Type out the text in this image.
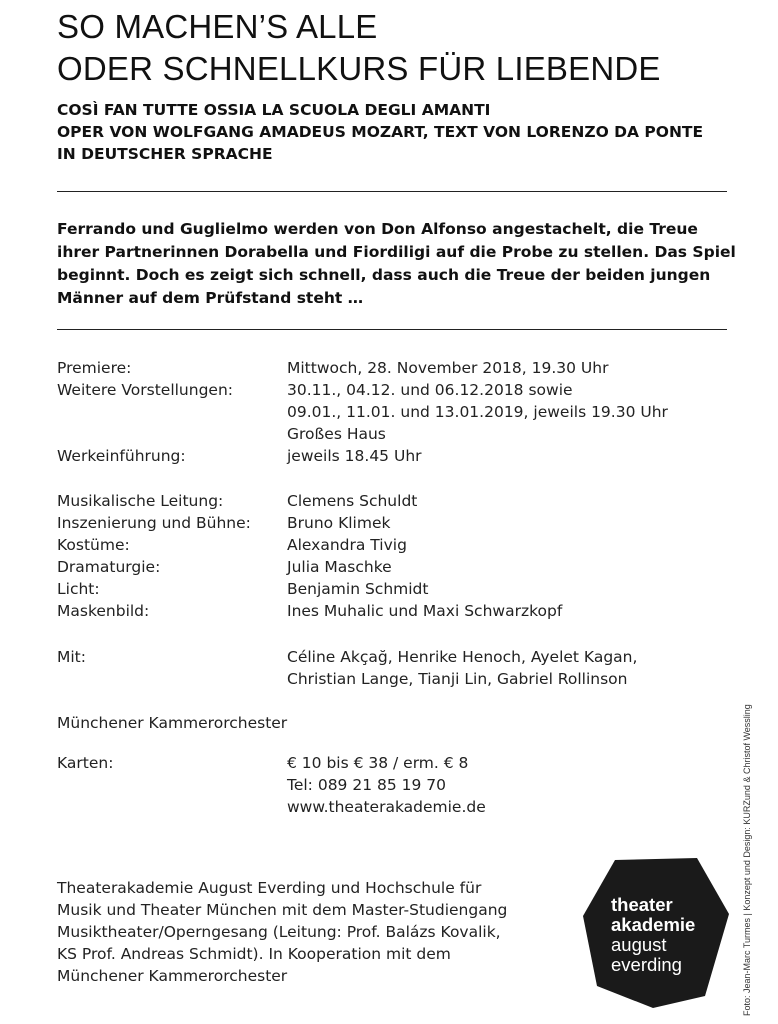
SO MACHEN’S ALLE
ODER SCHNELLKURS FÜR LIEBENDE
COSÌ FAN TUTTE OSSIA LA SCUOLA DEGLI AMANTI
OPER VON WOLFGANG AMADEUS MOZART, TEXT VON LORENZO DA PONTE
IN DEUTSCHER SPRACHE
Ferrando und Guglielmo werden von Don Alfonso angestachelt, die Treue
ihrer Partnerinnen Dorabella und Fiordiligi auf die Probe zu stellen. Das Spiel
beginnt. Doch es zeigt sich schnell, dass auch die Treue der beiden jungen
Männer auf dem Prüfstand steht …
Premiere:	Mittwoch, 28. November 2018, 19.30 Uhr
Weitere Vorstellungen:	30.11., 04.12. und 06.12.2018 sowie
09.01., 11.01. und 13.01.2019, jeweils 19.30 Uhr
Großes Haus
Werkeinführung:	jeweils 18.45 Uhr
Musikalische Leitung:	Clemens Schuldt
Inszenierung und Bühne:	Bruno Klimek
Kostüme:	Alexandra Tivig
Dramaturgie:	Julia Maschke
Licht:	Benjamin Schmidt
Maskenbild:	Ines Muhalic und Maxi Schwarzkopf
Mit:	Céline Akçağ, Henrike Henoch, Ayelet Kagan,
Christian Lange, Tianji Lin, Gabriel Rollinson
Münchener Kammerorchester
Karten:	€ 10 bis € 38 / erm. € 8
Tel: 089 21 85 19 70
www.theaterakademie.de
Theaterakademie August Everding und Hochschule für
Musik und Theater München mit dem Master-Studiengang
Musiktheater/Operngesang (Leitung: Prof. Balázs Kovalik,
KS Prof. Andreas Schmidt). In Kooperation mit dem
Münchener Kammerorchester
theater
akademie
august
everding	Foto: Jean-Marc Turmes | Konzept und Design: KURZund & Christof Wessling
